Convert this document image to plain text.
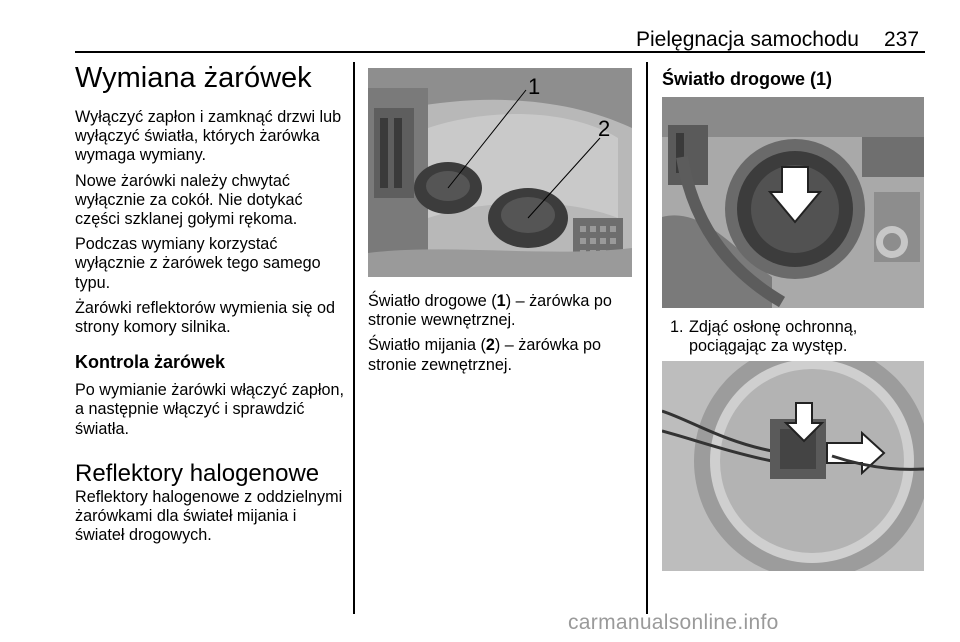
Pielęgnacja samochodu 237
Wymiana żarówek

Wyłączyć zapłon i zamknąć drzwi lub wyłączyć światła, których żarówka wymaga wymiany.

Nowe żarówki należy chwytać wyłącznie za cokół. Nie dotykać części szklanej gołymi rękoma.

Podczas wymiany korzystać wyłącznie z żarówek tego samego typu.

Żarówki reflektorów wymienia się od strony komory silnika.

Kontrola żarówek

Po wymianie żarówki włączyć zapłon, a następnie włączyć i sprawdzić światła.

Reflektory halogenowe

Reflektory halogenowe z oddzielnymi żarówkami dla świateł mijania i świateł drogowych.

1
2

Światło drogowe (1) – żarówka po stronie wewnętrznej.

Światło mijania (2) – żarówka po stronie zewnętrznej.

Światło drogowe (1)
1. Zdjąć osłonę ochronną, pociągając za występ.
carmanualsonline.info
